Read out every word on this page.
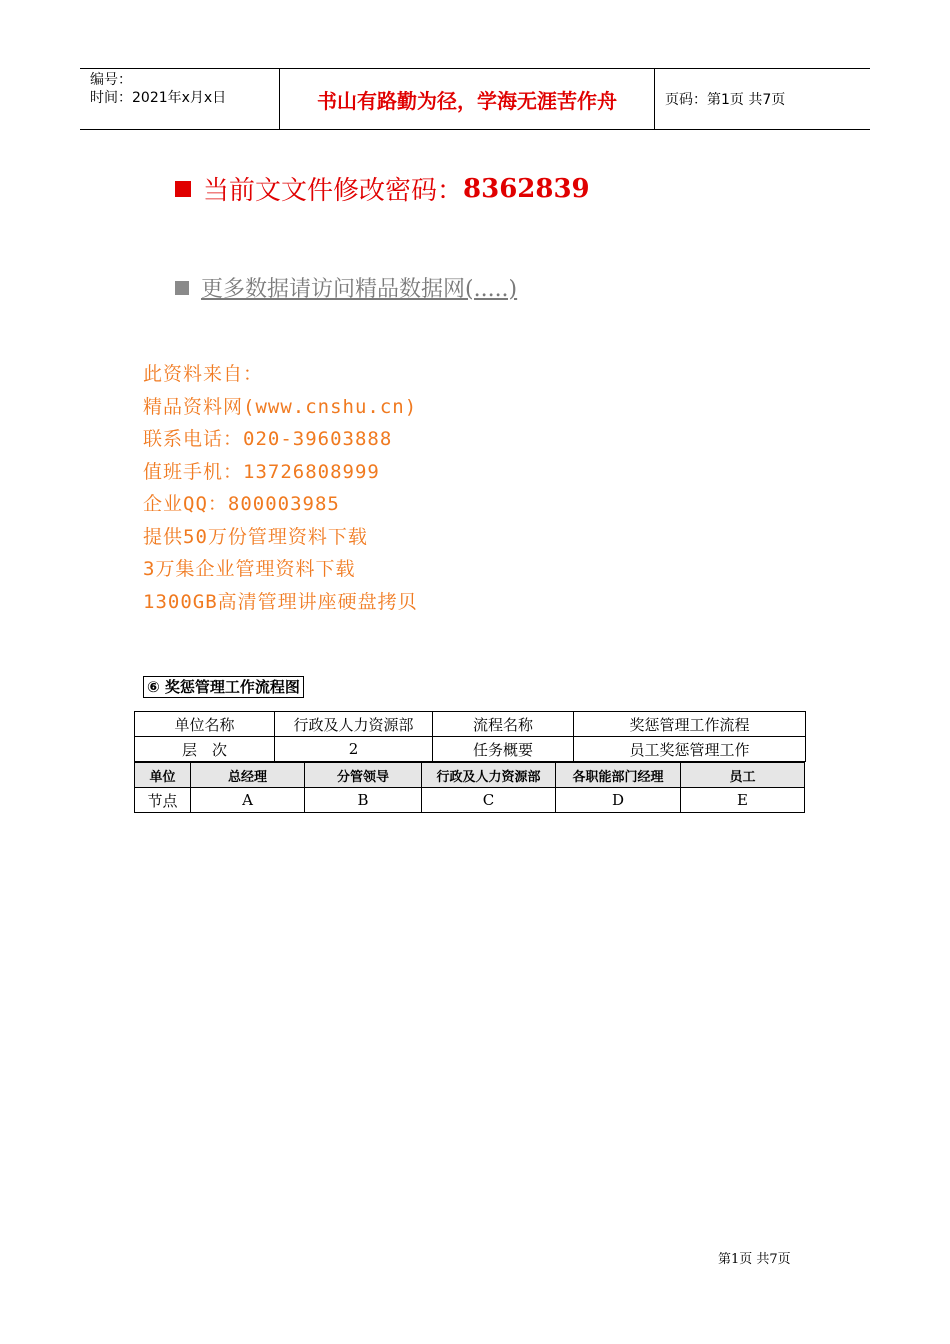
编号：
时间：2021年x月x日	书山有路勤为径，学海无涯苦作舟	页码：第1页 共7页
当前文文件修改密码： 8362839
更多数据请访问精品数据网(.....)
此资料来自：
精品资料网(www.cnshu.cn)
联系电话：020-39603888
值班手机：13726808999
企业QQ：800003985
提供50万份管理资料下载
3万集企业管理资料下载
1300GB高清管理讲座硬盘拷贝
⑥ 奖惩管理工作流程图
单位名称	行政及人力资源部	流程名称	奖惩管理工作流程
层　次	2	任务概要	员工奖惩管理工作
单位	总经理	分管领导	行政及人力资源部	各职能部门经理	员工
节点	A	B	C	D	E
第1页 共7页
